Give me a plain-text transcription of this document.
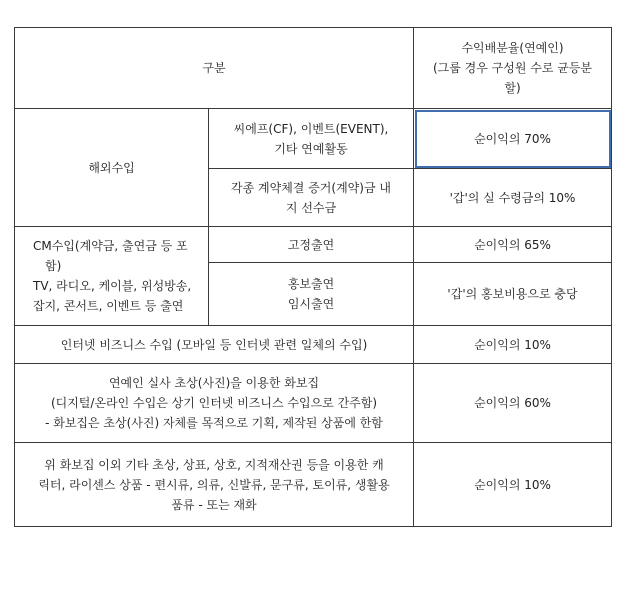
구분		수익배분율(연예인)
(그룹 경우 구성원 수로 균등분
할)

해외수입	씨에프(CF), 이벤트(EVENT),
기타 연예활동	순이익의 70%

	각종 계약체결 증거(계약)금 내
지 선수금	'갑'의 실 수령금의 10%

CM수입(계약금, 출연금 등 포
함)
TV, 라디오, 케이블, 위성방송,
잡지, 콘서트, 이벤트 등 출연	고정출연	순이익의 65%

	홍보출연
임시출연	'갑'의 홍보비용으로 충당
인터넷 비즈니스 수입 (모바일 등 인터넷 관련 일체의 수입)		순이익의 10%

연예인 실사 초상(사진)을 이용한 화보집
(디지털/온라인 수입은 상기 인터넷 비즈니스 수입으로 간주함)
- 화보집은 초상(사진) 자체를 목적으로 기획, 제작된 상품에 한함		순이익의 60%

위 화보집 이외 기타 초상, 상표, 상호, 지적재산권 등을 이용한 캐
릭터, 라이센스 상품 - 편시류, 의류, 신발류, 문구류, 토이류, 생활용
품류 - 또는 재화		순이익의 10%
